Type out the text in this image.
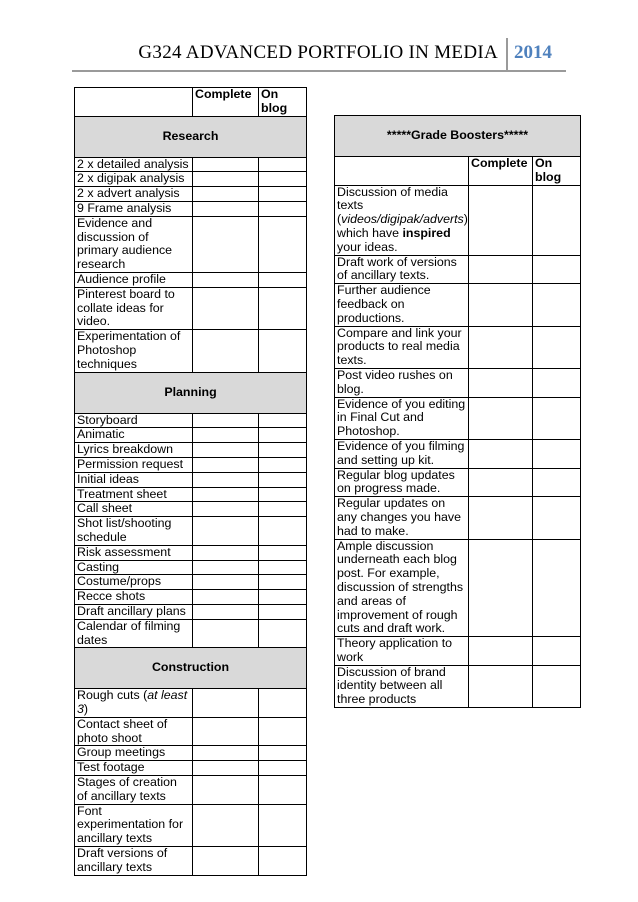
G324 ADVANCED PORTFOLIO IN MEDIA 2014
	Complete	On blog
Research		
2 x detailed analysis		
2 x digipak analysis		
2 x advert analysis		
9 Frame analysis		
Evidence and discussion of primary audience research		
Audience profile		
Pinterest board to collate ideas for video.		
Experimentation of Photoshop techniques		
Planning		
Storyboard		
Animatic		
Lyrics breakdown		
Permission request		
Initial ideas		
Treatment sheet		
Call sheet		
Shot list/shooting schedule		
Risk assessment		
Casting		
Costume/props		
Recce shots		
Draft ancillary plans		
Calendar of filming dates		
Construction		
Rough cuts (at least 3)		
Contact sheet of photo shoot		
Group meetings		
Test footage		
Stages of creation of ancillary texts		
Font experimentation for ancillary texts		
Draft versions of ancillary texts		
*****Grade Boosters*****		
	Complete	On blog
Discussion of media texts (videos/digipak/adverts) which have inspired your ideas.		
Draft work of versions of ancillary texts.		
Further audience feedback on productions.		
Compare and link your products to real media texts.		
Post video rushes on blog.		
Evidence of you editing in Final Cut and Photoshop.		
Evidence of you filming and setting up kit.		
Regular blog updates on progress made.		
Regular updates on any changes you have had to make.		
Ample discussion underneath each blog post. For example, discussion of strengths and areas of improvement of rough cuts and draft work.		
Theory application to work		
Discussion of brand identity between all three products		
